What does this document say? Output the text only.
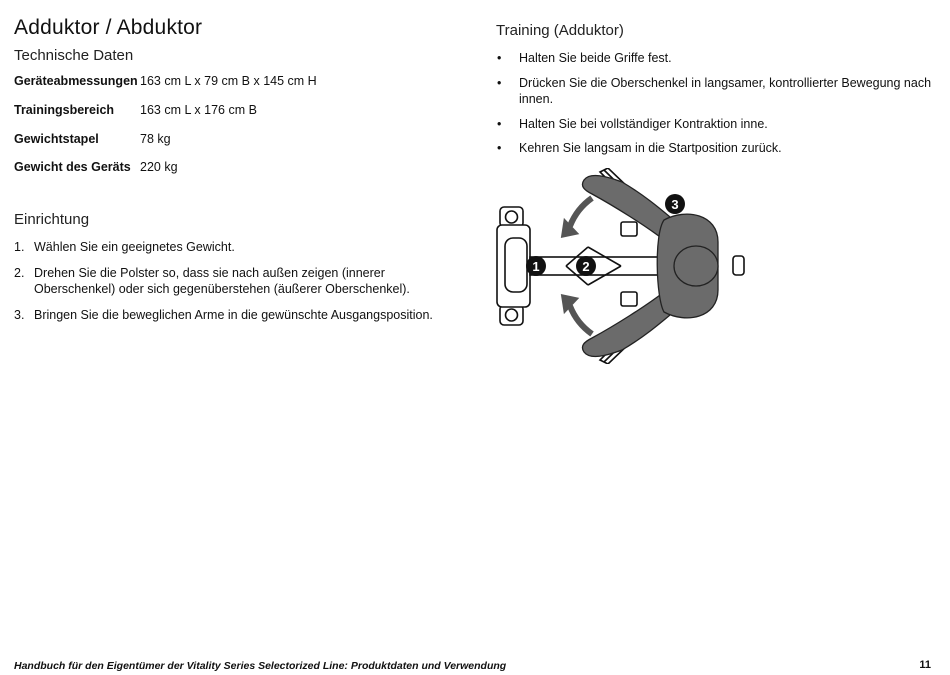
Adduktor / Abduktor
Technische Daten
Geräteabmessungen 163 cm L x 79 cm B x 145 cm H
Trainingsbereich 163 cm L x 176 cm B
Gewichtstapel	78 kg
Gewicht des Geräts 220 kg
Einrichtung
1. Wählen Sie ein geeignetes Gewicht.
2. Drehen Sie die Polster so, dass sie nach außen zeigen (innerer Oberschenkel) oder sich gegenüberstehen (äußerer Oberschenkel).
3. Bringen Sie die beweglichen Arme in die gewünschte Ausgangsposition.
Training (Adduktor)
• Halten Sie beide Griffe fest.
• Drücken Sie die Oberschenkel in langsamer, kontrollierter Bewegung nach innen.
• Halten Sie bei vollständiger Kontraktion inne.
• Kehren Sie langsam in die Startposition zurück.
1	2
3
Handbuch für den Eigentümer der Vitality Series Selectorized Line: Produktdaten und Verwendung	11
